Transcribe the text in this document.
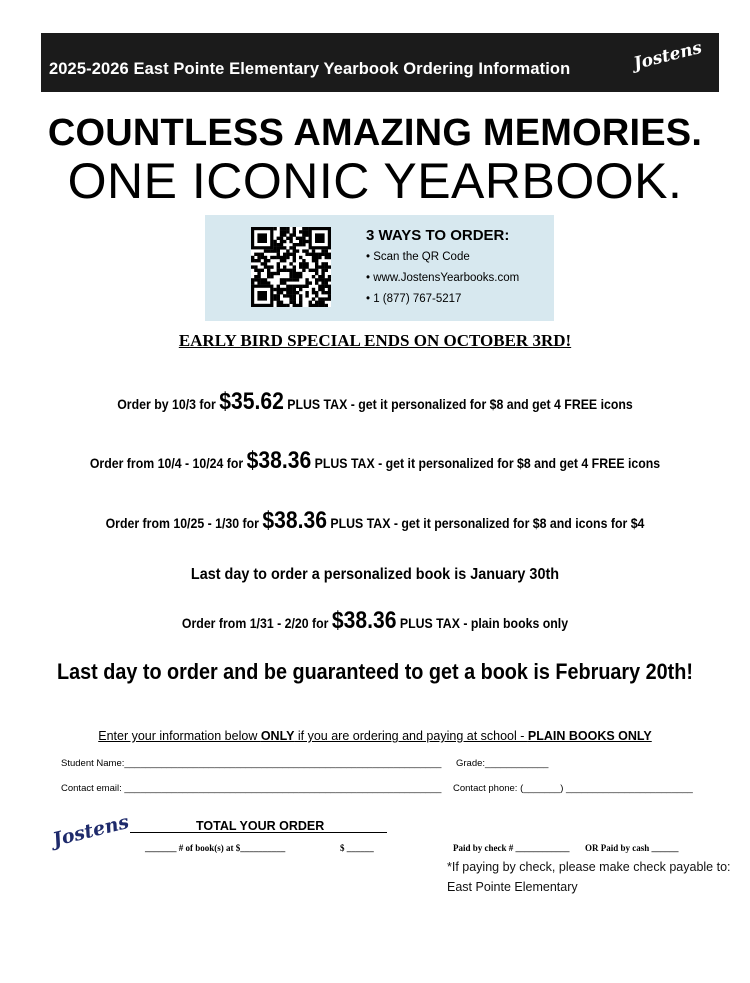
2025-2026 East Pointe Elementary Yearbook Ordering Information	Jostens
COUNTLESS AMAZING MEMORIES.
ONE ICONIC YEARBOOK.
3 WAYS TO ORDER:
• Scan the QR Code
• www.JostensYearbooks.com
• 1 (877) 767-5217
EARLY BIRD SPECIAL ENDS ON OCTOBER 3RD!
Order by 10/3 for $35.62 PLUS TAX - get it personalized for $8 and get 4 FREE icons
Order from 10/4 - 10/24 for $38.36 PLUS TAX - get it personalized for $8 and get 4 FREE icons
Order from 10/25 - 1/30 for $38.36 PLUS TAX - get it personalized for $8 and icons for $4
Last day to order a personalized book is January 30th
Order from 1/31 - 2/20 for $38.36 PLUS TAX - plain books only
Last day to order and be guaranteed to get a book is February 20th!
Enter your information below ONLY if you are ordering and paying at school - PLAIN BOOKS ONLY
Student Name:____________________________________________________________ Grade:____________
Contact email: ____________________________________________________________ Contact phone: (_______) ________________________
Jostens	TOTAL YOUR ORDER
_______ # of book(s) at $__________	$ ______	Paid by check # ____________ OR Paid by cash ______
*If paying by check, please make check payable to:
East Pointe Elementary
